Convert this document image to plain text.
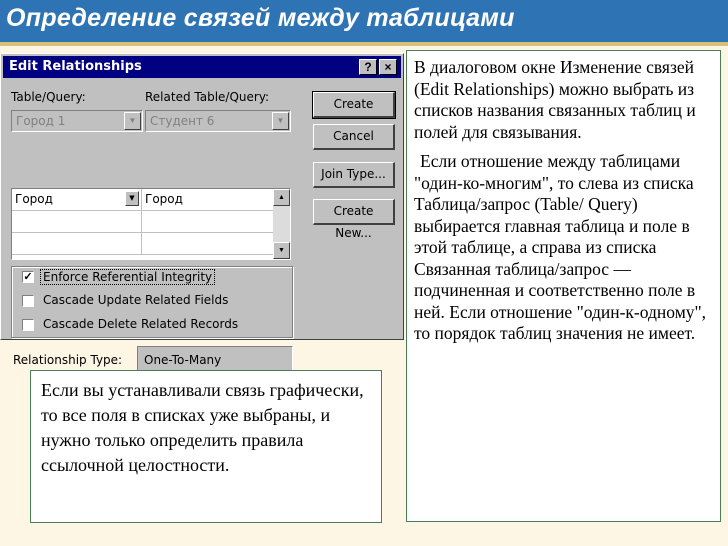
Определение связей между таблицами
Edit Relationships	?	×
Table/Query:	Related Table/Query:
Город 1	▼	Студент 6	▼
Город	▼ Город	▲
▼
Create
Cancel
Join Type...
Create New...
✓ Enforce Referential Integrity
Cascade Update Related Fields
Cascade Delete Related Records
Relationship Type: One-To-Many

В диалоговом окне Изменение связей (Edit Relationships) можно выбрать из списков названия связанных таблиц и полей для связывания.

Если отношение между таблицами "один-ко-многим", то слева из списка Таблица/запрос (Table/ Query) выбирается главная таблица и поле в этой таблице, а справа из списка Связанная таблица/запрос — подчиненная и соответственно поле в ней. Если отношение "один-к-одному", то порядок таблиц значения не имеет.

Если вы устанавливали связь графически, то все поля в списках уже выбраны, и нужно только определить правила ссылочной целостности.
